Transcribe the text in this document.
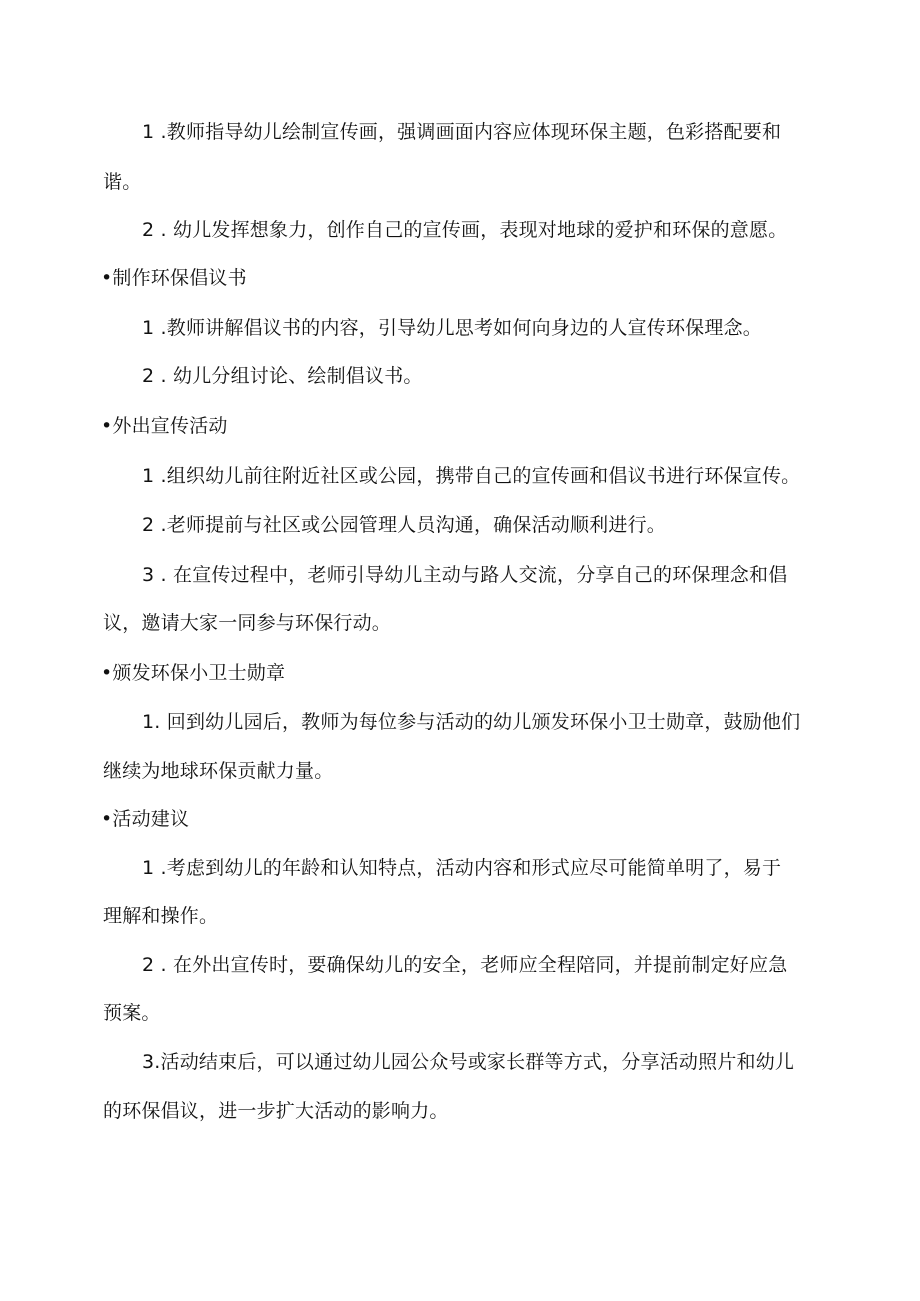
1 .教师指导幼儿绘制宣传画，强调画面内容应体现环保主题，色彩搭配要和
谐。
2 . 幼儿发挥想象力，创作自己的宣传画，表现对地球的爱护和环保的意愿。
•制作环保倡议书
1 .教师讲解倡议书的内容，引导幼儿思考如何向身边的人宣传环保理念。
2 . 幼儿分组讨论、绘制倡议书。
•外出宣传活动
1 .组织幼儿前往附近社区或公园，携带自己的宣传画和倡议书进行环保宣传。
2 .老师提前与社区或公园管理人员沟通，确保活动顺利进行。
3 . 在宣传过程中，老师引导幼儿主动与路人交流，分享自己的环保理念和倡
议，邀请大家一同参与环保行动。
•颁发环保小卫士勋章
1. 回到幼儿园后，教师为每位参与活动的幼儿颁发环保小卫士勋章，鼓励他们
继续为地球环保贡献力量。
•活动建议
1 .考虑到幼儿的年龄和认知特点，活动内容和形式应尽可能简单明了，易于
理解和操作。
2 . 在外出宣传时，要确保幼儿的安全，老师应全程陪同，并提前制定好应急
预案。
3.活动结束后，可以通过幼儿园公众号或家长群等方式，分享活动照片和幼儿
的环保倡议，进一步扩大活动的影响力。
